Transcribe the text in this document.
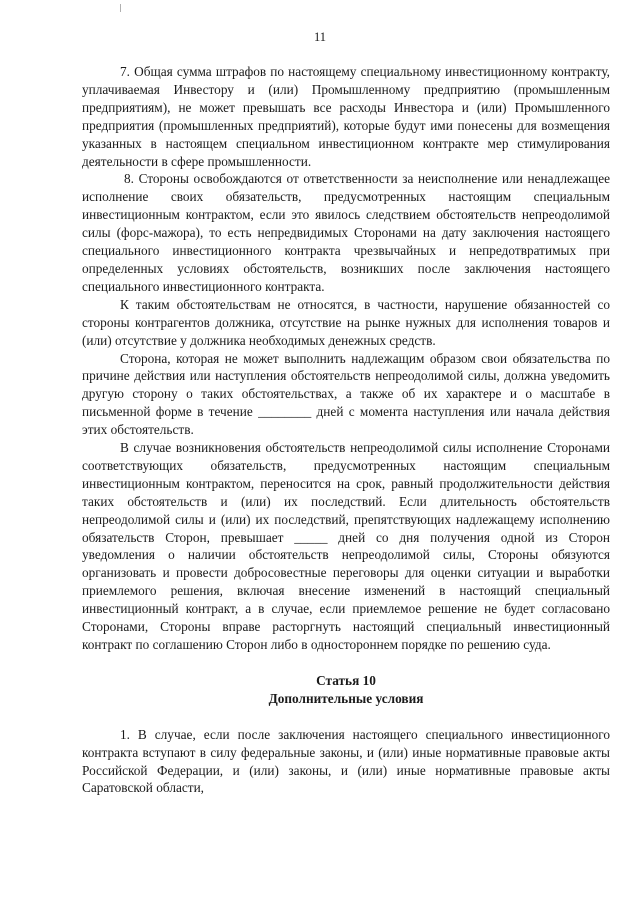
11

7. Общая сумма штрафов по настоящему специальному инвестиционному контракту, уплачиваемая Инвестору и (или) Промышленному предприятию (промышленным предприятиям), не может превышать все расходы Инвестора и (или) Промышленного предприятия (промышленных предприятий), которые будут ими понесены для возмещения указанных в настоящем специальном инвестиционном контракте мер стимулирования деятельности в сфере промышленности.

8. Стороны освобождаются от ответственности за неисполнение или ненадлежащее исполнение своих обязательств, предусмотренных настоящим специальным инвестиционным контрактом, если это явилось следствием обстоятельств непреодолимой силы (форс-мажора), то есть непредвидимых Сторонами на дату заключения настоящего специального инвестиционного контракта чрезвычайных и непредотвратимых при определенных условиях обстоятельств, возникших после заключения настоящего специального инвестиционного контракта.

К таким обстоятельствам не относятся, в частности, нарушение обязанностей со стороны контрагентов должника, отсутствие на рынке нужных для исполнения товаров и (или) отсутствие у должника необходимых денежных средств.

Сторона, которая не может выполнить надлежащим образом свои обязательства по причине действия или наступления обстоятельств непреодолимой силы, должна уведомить другую сторону о таких обстоятельствах, а также об их характере и о масштабе в письменной форме в течение ________ дней с момента наступления или начала действия этих обстоятельств.

В случае возникновения обстоятельств непреодолимой силы исполнение Сторонами соответствующих обязательств, предусмотренных настоящим специальным инвестиционным контрактом, переносится на срок, равный продолжительности действия таких обстоятельств и (или) их последствий. Если длительность обстоятельств непреодолимой силы и (или) их последствий, препятствующих надлежащему исполнению обязательств Сторон, превышает _____ дней со дня получения одной из Сторон уведомления о наличии обстоятельств непреодолимой силы, Стороны обязуются организовать и провести добросовестные переговоры для оценки ситуации и выработки приемлемого решения, включая внесение изменений в настоящий специальный инвестиционный контракт, а в случае, если приемлемое решение не будет согласовано Сторонами, Стороны вправе расторгнуть настоящий специальный инвестиционный контракт по соглашению Сторон либо в одностороннем порядке по решению суда.

Статья 10

Дополнительные условия

1. В случае, если после заключения настоящего специального инвестиционного контракта вступают в силу федеральные законы, и (или) иные нормативные правовые акты Российской Федерации, и (или) законы, и (или) иные нормативные правовые акты Саратовской области,
